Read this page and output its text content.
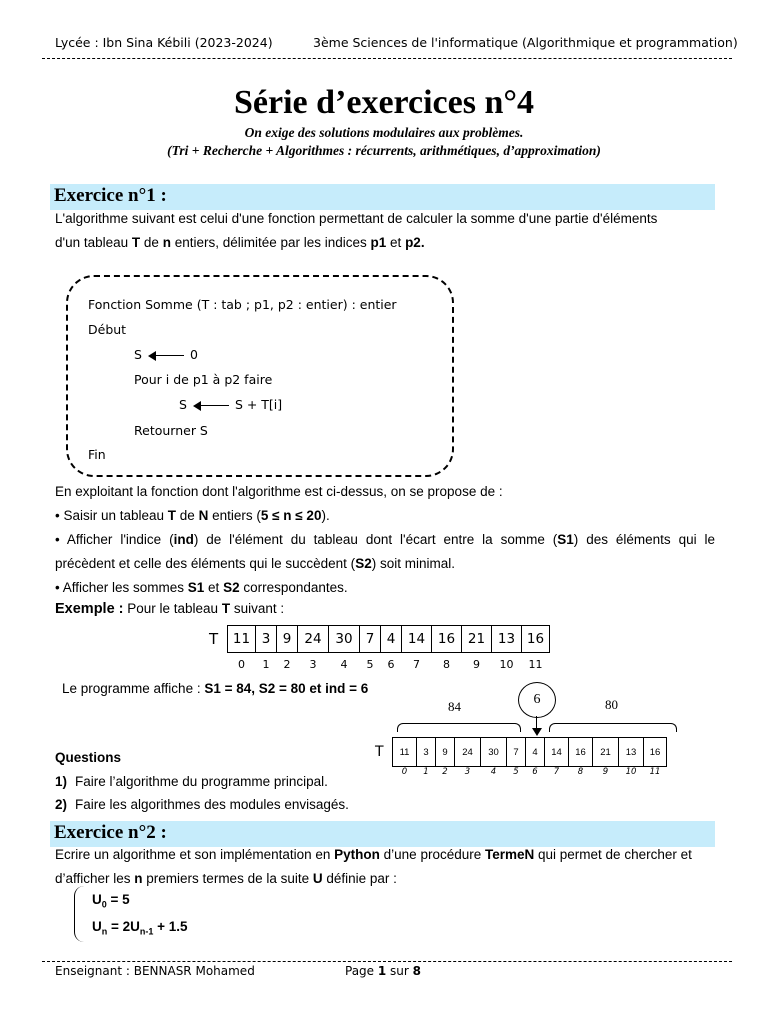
Lycée : Ibn Sina Kébili (2023-2024)	3ème Sciences de l'informatique (Algorithmique et programmation)
Série d’exercices n°4
On exige des solutions modulaires aux problèmes.
(Tri + Recherche + Algorithmes : récurrents, arithmétiques, d’approximation)
Exercice n°1 :
L'algorithme suivant est celui d'une fonction permettant de calculer la somme d'une partie d'éléments
d'un tableau T de n entiers, délimitée par les indices p1 et p2.
Fonction Somme (T : tab ; p1, p2 : entier) : entier
Début
S	0
Pour i de p1 à p2 faire
S	S + T[i]
Retourner S
Fin
En exploitant la fonction dont l'algorithme est ci-dessus, on se propose de :
• Saisir un tableau T de N entiers (5 ≤ n ≤ 20).
• Afficher l'indice (ind) de l'élément du tableau dont l'écart entre la somme (S1) des éléments qui le
précèdent et celle des éléments qui le succèdent (S2) soit minimal.
• Afficher les sommes S1 et S2 correspondantes.
Exemple : Pour le tableau T suivant :
T 11	3	9	24	30	7	4	14	16	21	13	16
0	1	2	3	4	5	6	7	8	9	10	11
Le programme affiche : S1 = 84, S2 = 80 et ind = 6
84	80
6
T 11	3	9	24	30	7	4	14	16	21	13	16
0	1	2	3	4	5	6	7	8	9	10	11
Questions
1) Faire l’algorithme du programme principal.
2) Faire les algorithmes des modules envisagés.
Exercice n°2 :
Ecrire un algorithme et son implémentation en Python d’une procédure TermeN qui permet de chercher et
d’afficher les n premiers termes de la suite U définie par :
$U_0 = 5$
$U_n = 2U_{n-1} + 1.5$
Enseignant : BENNASR Mohamed	Page 1 sur 8
